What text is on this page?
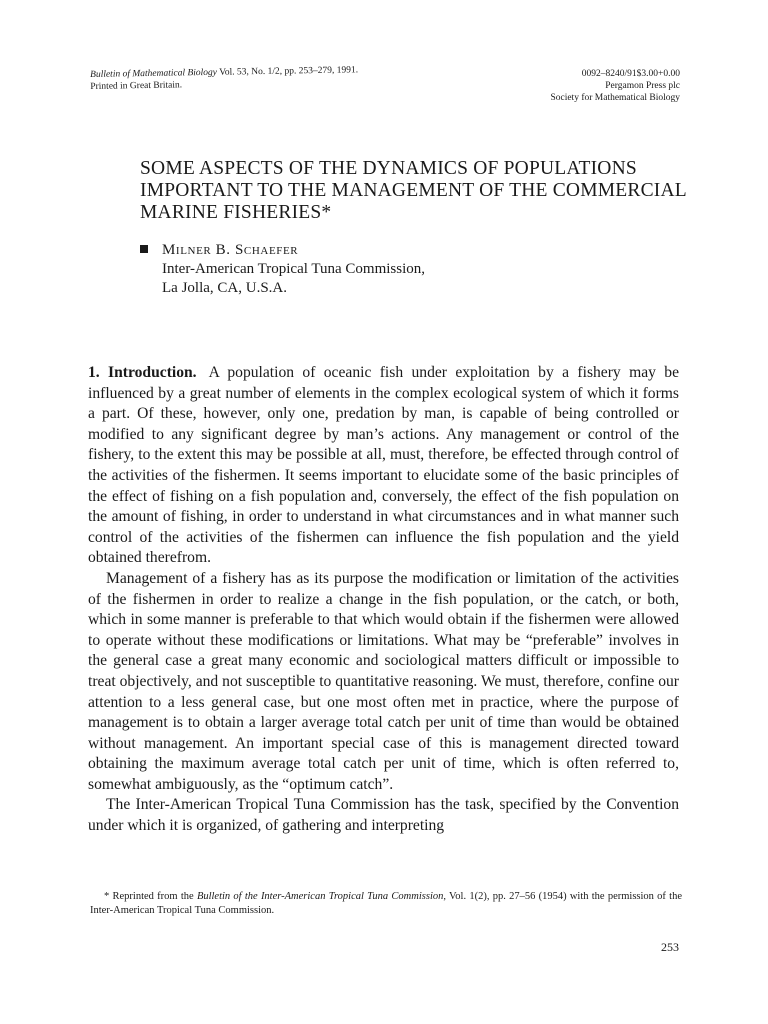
Bulletin of Mathematical Biology Vol. 53, No. 1/2, pp. 253–279, 1991.
Printed in Great Britain.
0092–8240/91$3.00+0.00
Pergamon Press plc
Society for Mathematical Biology
SOME ASPECTS OF THE DYNAMICS OF POPULATIONS IMPORTANT TO THE MANAGEMENT OF THE COMMERCIAL MARINE FISHERIES*
Milner B. Schaefer
Inter-American Tropical Tuna Commission,
La Jolla, CA, U.S.A.

1. Introduction. A population of oceanic fish under exploitation by a fishery may be influenced by a great number of elements in the complex ecological system of which it forms a part. Of these, however, only one, predation by man, is capable of being controlled or modified to any significant degree by man’s actions. Any management or control of the fishery, to the extent this may be possible at all, must, therefore, be effected through control of the activities of the fishermen. It seems important to elucidate some of the basic principles of the effect of fishing on a fish population and, conversely, the effect of the fish population on the amount of fishing, in order to understand in what circumstances and in what manner such control of the activities of the fishermen can influence the fish population and the yield obtained therefrom.

Management of a fishery has as its purpose the modification or limitation of the activities of the fishermen in order to realize a change in the fish population, or the catch, or both, which in some manner is preferable to that which would obtain if the fishermen were allowed to operate without these modifications or limitations. What may be “preferable” involves in the general case a great many economic and sociological matters difficult or impossible to treat objectively, and not susceptible to quantitative reasoning. We must, therefore, confine our attention to a less general case, but one most often met in practice, where the purpose of management is to obtain a larger average total catch per unit of time than would be obtained without management. An important special case of this is management directed toward obtaining the maximum average total catch per unit of time, which is often referred to, somewhat ambiguously, as the “optimum catch”.

The Inter-American Tropical Tuna Commission has the task, specified by the Convention under which it is organized, of gathering and interpreting

* Reprinted from the Bulletin of the Inter-American Tropical Tuna Commission, Vol. 1(2), pp. 27–56 (1954) with the permission of the Inter-American Tropical Tuna Commission.

253
